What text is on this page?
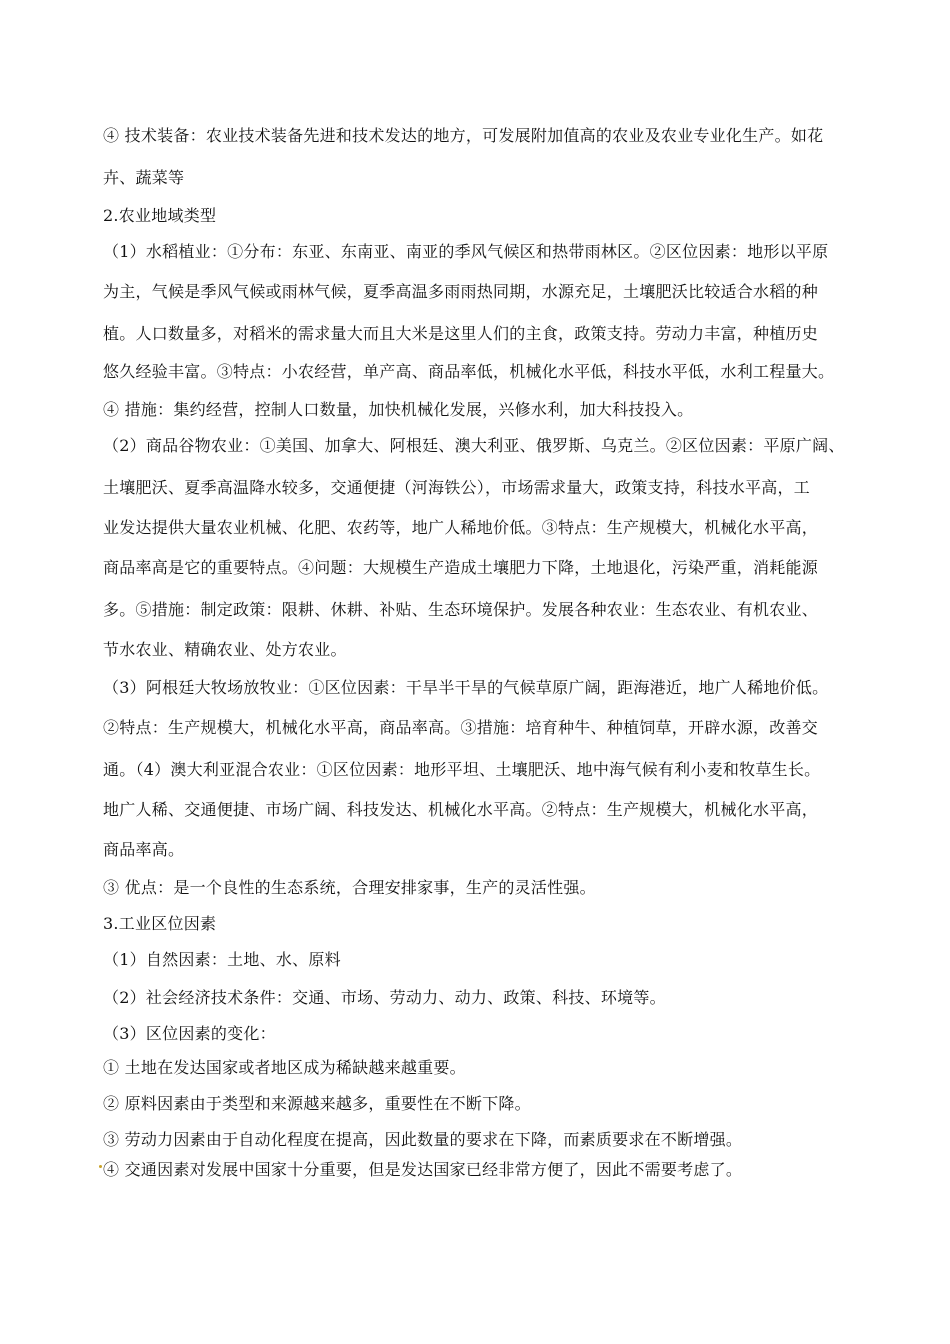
④ 技术装备：农业技术装备先进和技术发达的地方，可发展附加值高的农业及农业专业化生产。如花
卉、蔬菜等
2.农业地域类型
（1）水稻植业：①分布：东亚、东南亚、南亚的季风气候区和热带雨林区。②区位因素：地形以平原
为主，气候是季风气候或雨林气候，夏季高温多雨雨热同期，水源充足，土壤肥沃比较适合水稻的种
植。人口数量多，对稻米的需求量大而且大米是这里人们的主食，政策支持。劳动力丰富，种植历史
悠久经验丰富。③特点：小农经营，单产高、商品率低，机械化水平低，科技水平低，水利工程量大。
④ 措施：集约经营，控制人口数量，加快机械化发展，兴修水利，加大科技投入。
（2）商品谷物农业：①美国、加拿大、阿根廷、澳大利亚、俄罗斯、乌克兰。②区位因素：平原广阔、
土壤肥沃、夏季高温降水较多，交通便捷（河海铁公），市场需求量大，政策支持，科技水平高，工
业发达提供大量农业机械、化肥、农药等，地广人稀地价低。③特点：生产规模大，机械化水平高，
商品率高是它的重要特点。④问题：大规模生产造成土壤肥力下降，土地退化，污染严重，消耗能源
多。⑤措施：制定政策：限耕、休耕、补贴、生态环境保护。发展各种农业：生态农业、有机农业、
节水农业、精确农业、处方农业。
（3）阿根廷大牧场放牧业：①区位因素：干旱半干旱的气候草原广阔，距海港近，地广人稀地价低。
②特点：生产规模大，机械化水平高，商品率高。③措施：培育种牛、种植饲草，开辟水源，改善交
通。（4）澳大利亚混合农业：①区位因素：地形平坦、土壤肥沃、地中海气候有利小麦和牧草生长。
地广人稀、交通便捷、市场广阔、科技发达、机械化水平高。②特点：生产规模大，机械化水平高，
商品率高。
③ 优点：是一个良性的生态系统，合理安排家事，生产的灵活性强。
3.工业区位因素
（1）自然因素：土地、水、原料
（2）社会经济技术条件：交通、市场、劳动力、动力、政策、科技、环境等。
（3）区位因素的变化：
① 土地在发达国家或者地区成为稀缺越来越重要。
② 原料因素由于类型和来源越来越多，重要性在不断下降。
③ 劳动力因素由于自动化程度在提高，因此数量的要求在下降，而素质要求在不断增强。
④ 交通因素对发展中国家十分重要，但是发达国家已经非常方便了，因此不需要考虑了。
